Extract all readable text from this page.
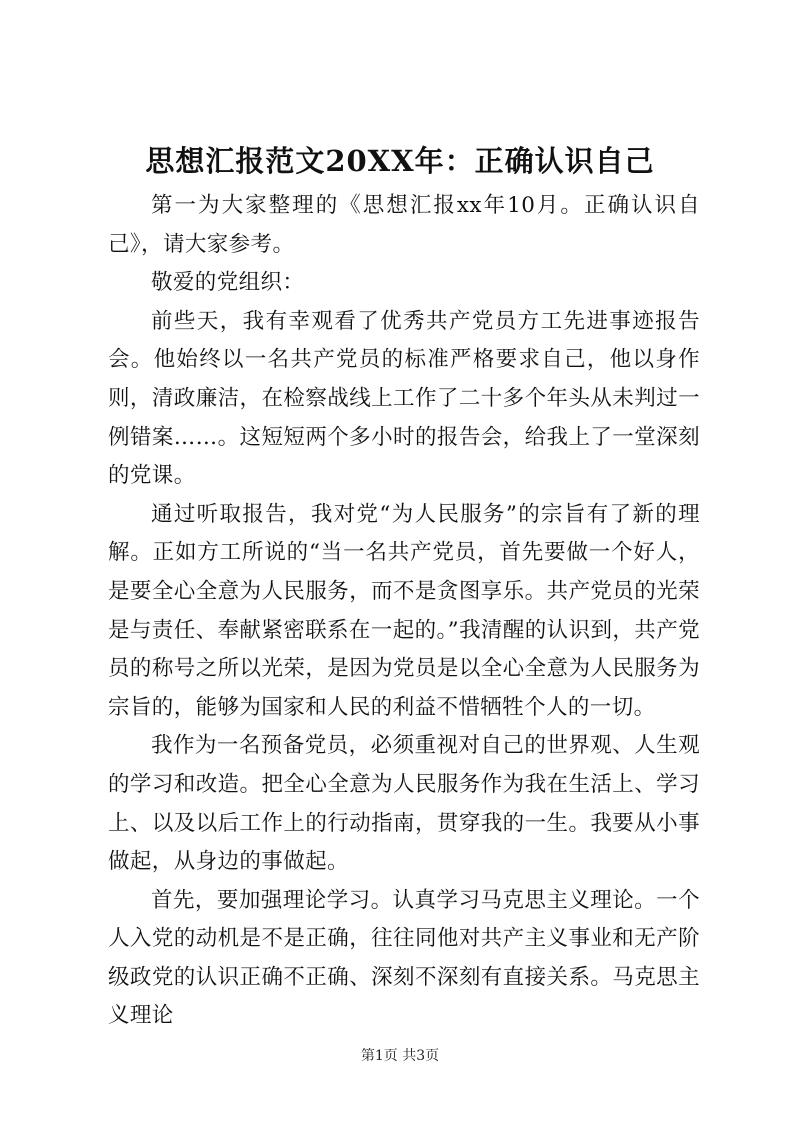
思想汇报范文20XX年：正确认识自己

第一为大家整理的《思想汇报xx年10月。正确认识自己》，请大家参考。

敬爱的党组织：

前些天，我有幸观看了优秀共产党员方工先进事迹报告会。他始终以一名共产党员的标准严格要求自己，他以身作则，清政廉洁，在检察战线上工作了二十多个年头从未判过一例错案……。这短短两个多小时的报告会，给我上了一堂深刻的党课。

通过听取报告，我对党“为人民服务”的宗旨有了新的理解。正如方工所说的“当一名共产党员，首先要做一个好人，是要全心全意为人民服务，而不是贪图享乐。共产党员的光荣是与责任、奉献紧密联系在一起的。”我清醒的认识到，共产党员的称号之所以光荣，是因为党员是以全心全意为人民服务为宗旨的，能够为国家和人民的利益不惜牺牲个人的一切。

我作为一名预备党员，必须重视对自己的世界观、人生观的学习和改造。把全心全意为人民服务作为我在生活上、学习上、以及以后工作上的行动指南，贯穿我的一生。我要从小事做起，从身边的事做起。

首先，要加强理论学习。认真学习马克思主义理论。一个人入党的动机是不是正确，往往同他对共产主义事业和无产阶级政党的认识正确不正确、深刻不深刻有直接关系。马克思主义理论

第1页 共3页
